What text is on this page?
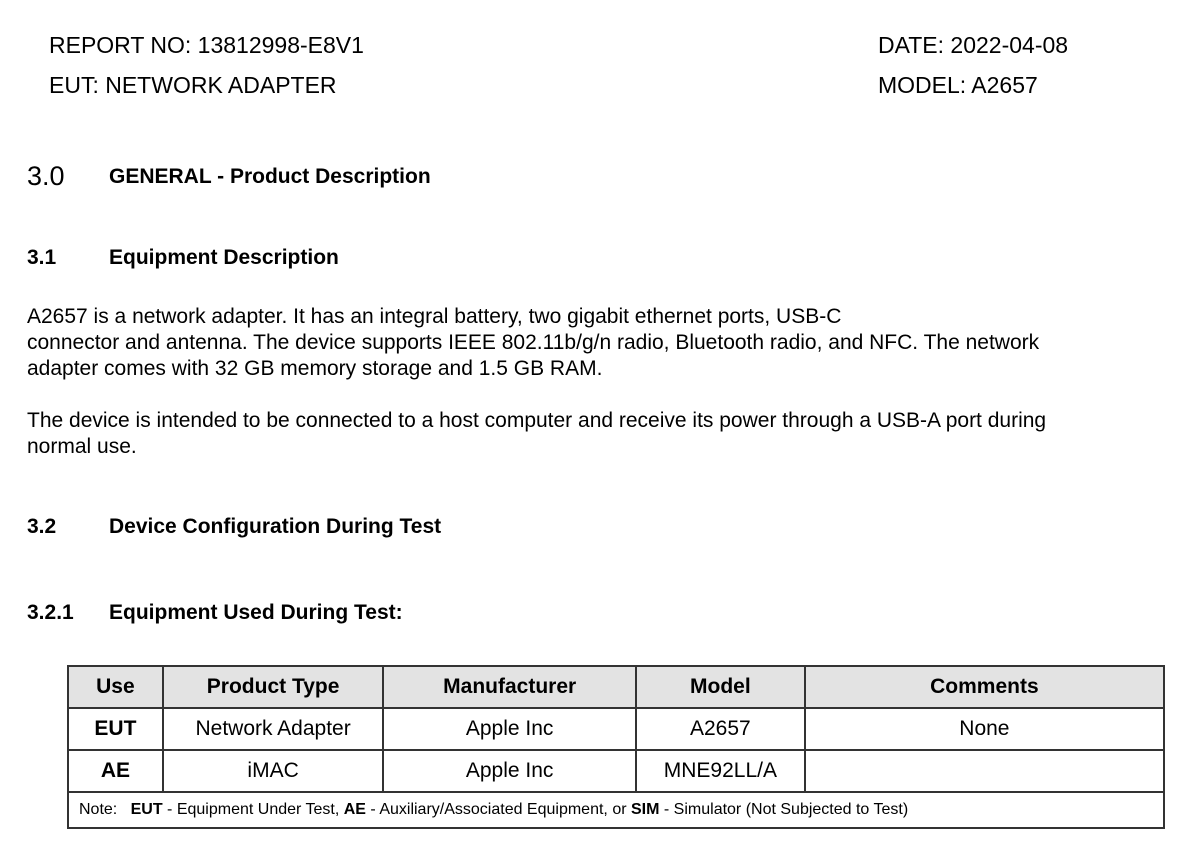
REPORT NO: 13812998-E8V1	DATE: 2022-04-08
EUT: NETWORK ADAPTER	MODEL: A2657
3.0 GENERAL - Product Description
3.1	Equipment Description
A2657 is a network adapter. It has an integral battery, two gigabit ethernet ports, USB-C
connector and antenna. The device supports IEEE 802.11b/g/n radio, Bluetooth radio, and NFC. The network
adapter comes with 32 GB memory storage and 1.5 GB RAM.
The device is intended to be connected to a host computer and receive its power through a USB-A port during
normal use.
3.2	Device Configuration During Test
3.2.1 Equipment Used During Test:
Use	Product Type	Manufacturer	Model	Comments
EUT	Network Adapter	Apple Inc	A2657	None
AE	iMAC	Apple Inc	MNE92LL/A	
Note: EUT - Equipment Under Test, AE - Auxiliary/Associated Equipment, or SIM - Simulator (Not Subjected to Test)				
